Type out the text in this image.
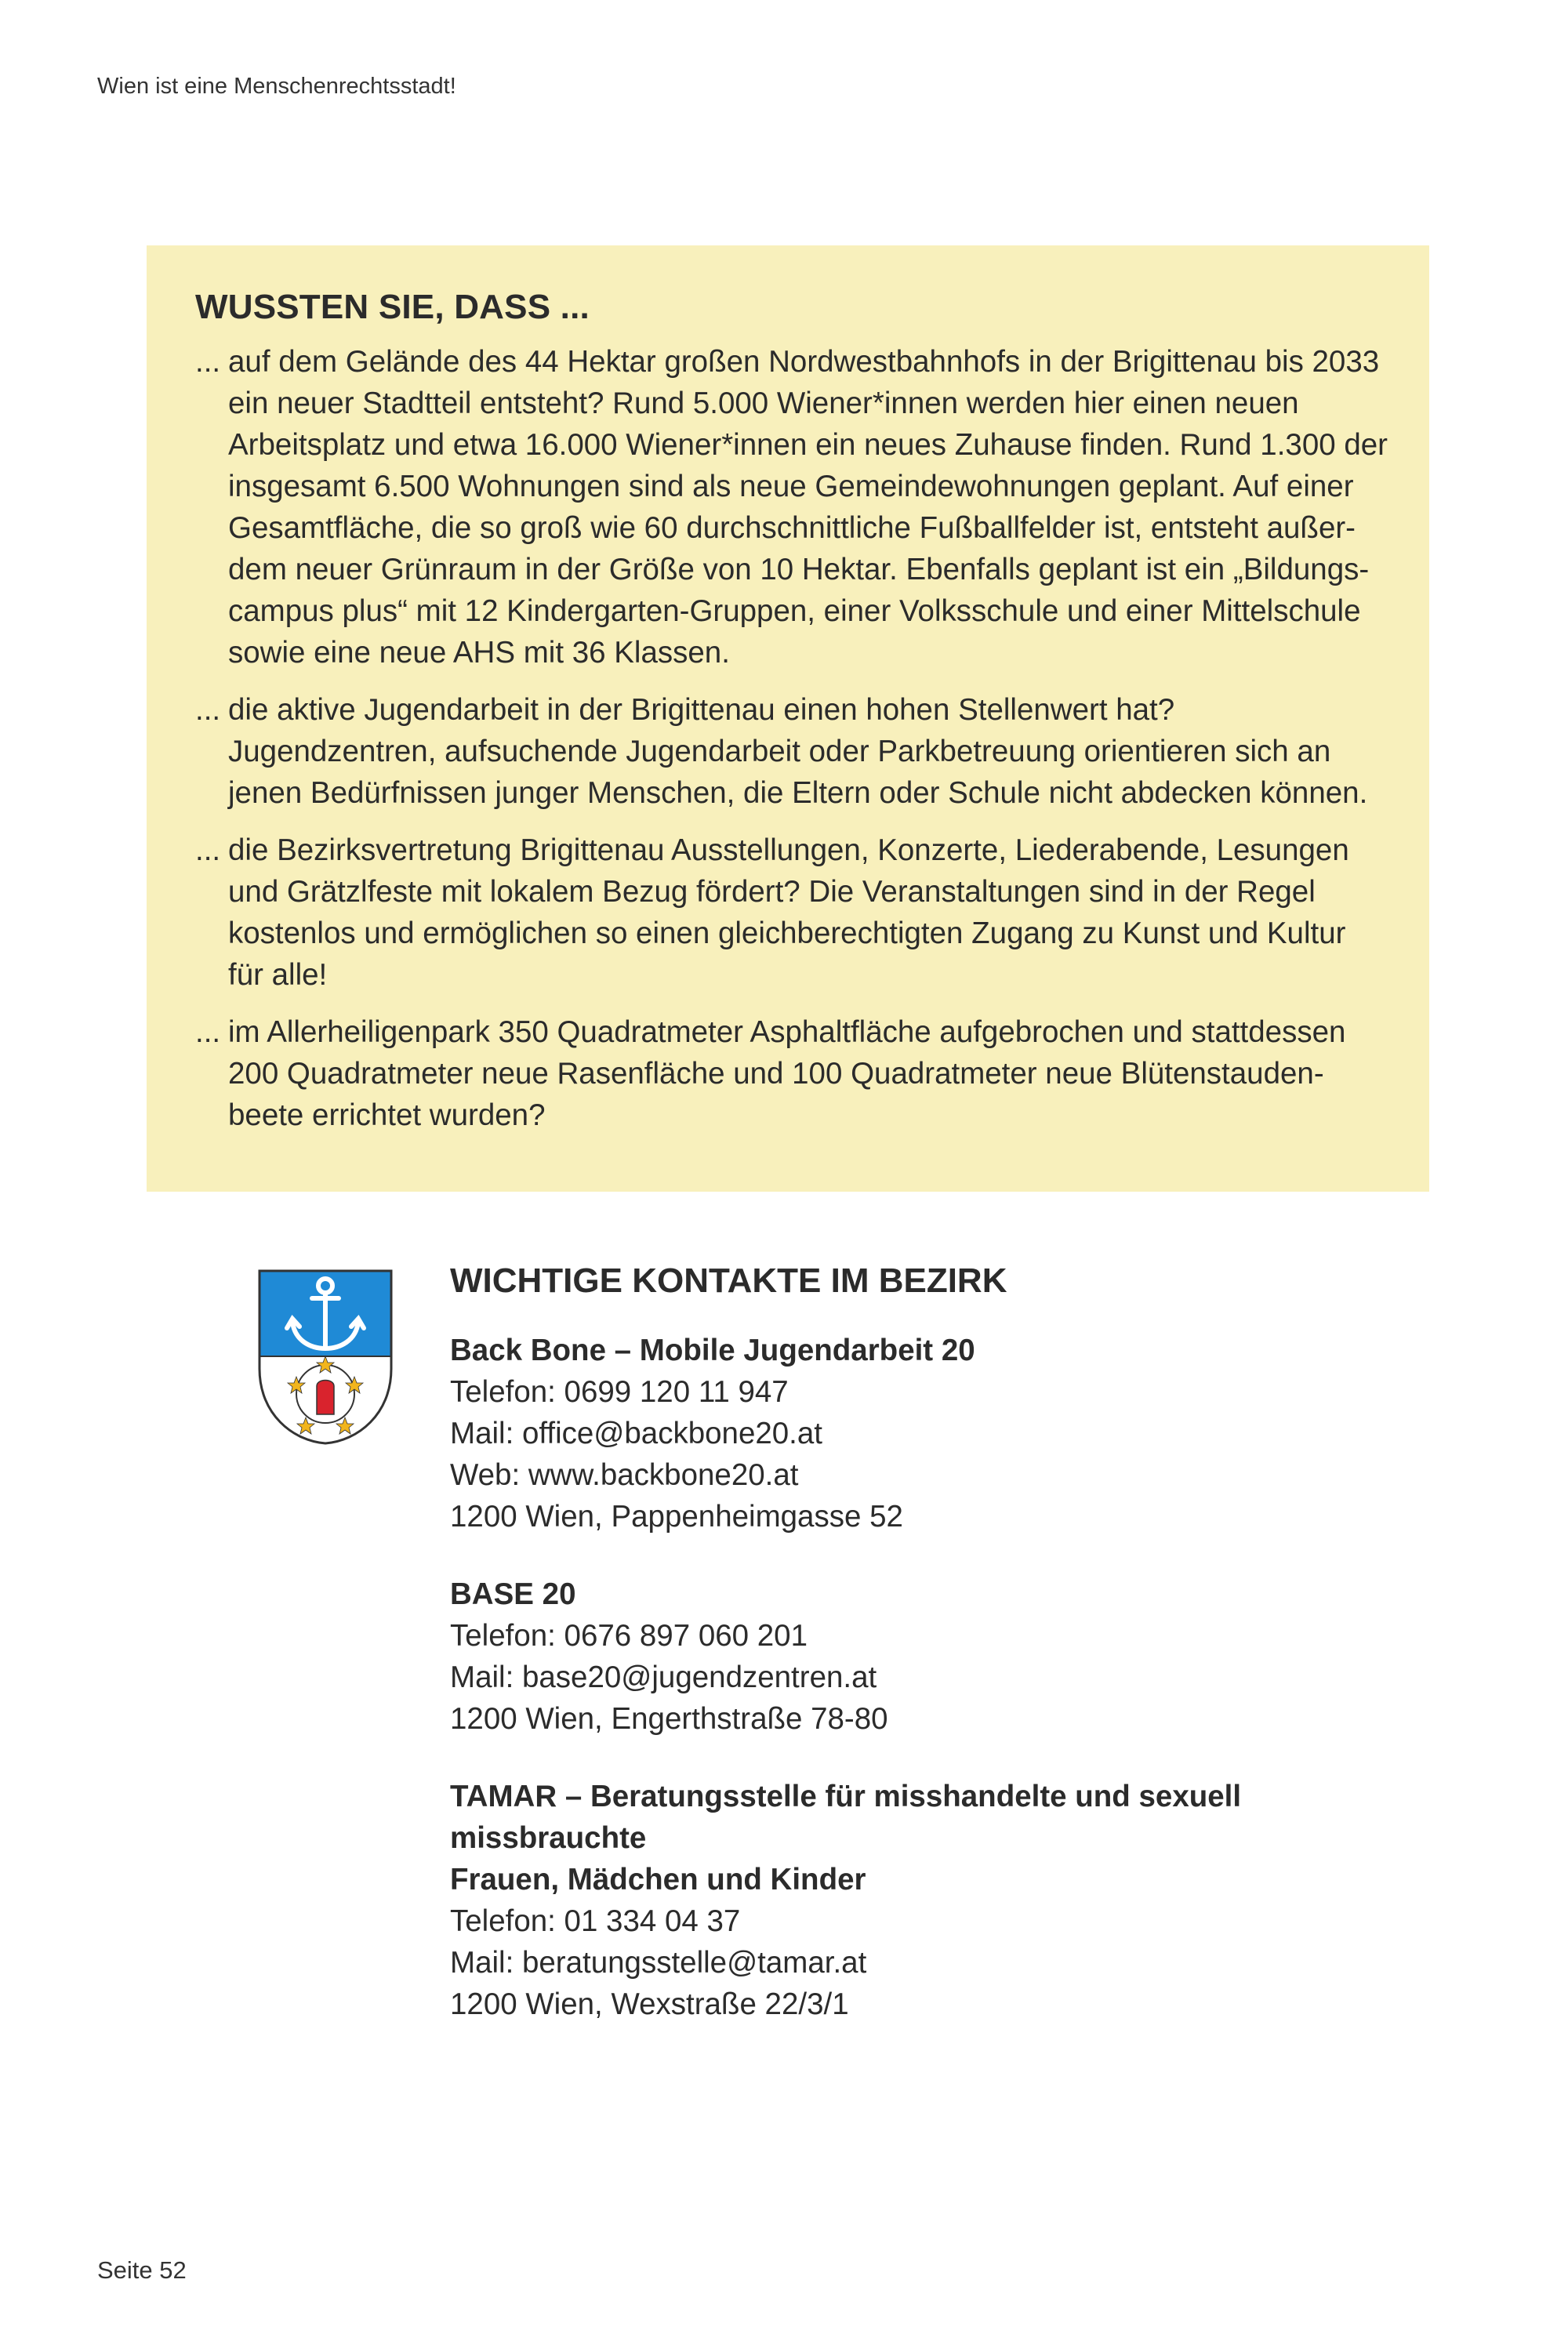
Wien ist eine Menschenrechtsstadt!
WUSSTEN SIE, DASS ...
... auf dem Gelände des 44 Hektar großen Nordwestbahnhofs in der Brigittenau bis 2033
ein neuer Stadtteil entsteht? Rund 5.000 Wiener*innen werden hier einen neuen
Arbeitsplatz und etwa 16.000 Wiener*innen ein neues Zuhause finden. Rund 1.300 der
insgesamt 6.500 Wohnungen sind als neue Gemeindewohnungen geplant. Auf einer
Gesamtfläche, die so groß wie 60 durchschnittliche Fußballfelder ist, entsteht außer-
dem neuer Grünraum in der Größe von 10 Hektar. Ebenfalls geplant ist ein „Bildungs-
campus plus“ mit 12 Kindergarten-Gruppen, einer Volksschule und einer Mittelschule
sowie eine neue AHS mit 36 Klassen.
... die aktive Jugendarbeit in der Brigittenau einen hohen Stellenwert hat?
Jugendzentren, aufsuchende Jugendarbeit oder Parkbetreuung orientieren sich an
jenen Bedürfnissen junger Menschen, die Eltern oder Schule nicht abdecken können.
... die Bezirksvertretung Brigittenau Ausstellungen, Konzerte, Liederabende, Lesungen
und Grätzlfeste mit lokalem Bezug fördert? Die Veranstaltungen sind in der Regel
kostenlos und ermöglichen so einen gleichberechtigten Zugang zu Kunst und Kultur
für alle!
... im Allerheiligenpark 350 Quadratmeter Asphaltfläche aufgebrochen und stattdessen
200 Quadratmeter neue Rasenfläche und 100 Quadratmeter neue Blütenstauden-
beete errichtet wurden?
WICHTIGE KONTAKTE IM BEZIRK
Back Bone – Mobile Jugendarbeit 20
Telefon: 0699 120 11 947
Mail: office@backbone20.at
Web: www.backbone20.at
1200 Wien, Pappenheimgasse 52
BASE 20
Telefon: 0676 897 060 201
Mail: base20@jugendzentren.at
1200 Wien, Engerthstraße 78-80
TAMAR – Beratungsstelle für misshandelte und sexuell missbrauchte
Frauen, Mädchen und Kinder
Telefon: 01 334 04 37
Mail: beratungsstelle@tamar.at
1200 Wien, Wexstraße 22/3/1
Seite 52
